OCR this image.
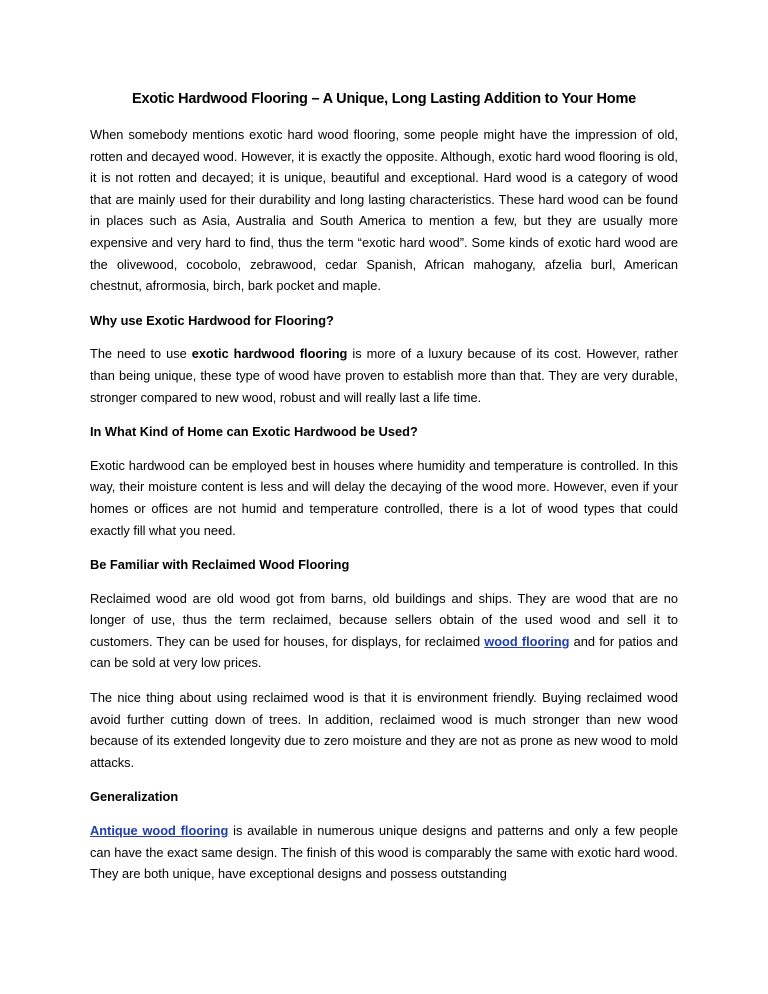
Exotic Hardwood Flooring – A Unique, Long Lasting Addition to Your Home

When somebody mentions exotic hard wood flooring, some people might have the impression of old, rotten and decayed wood. However, it is exactly the opposite. Although, exotic hard wood flooring is old, it is not rotten and decayed; it is unique, beautiful and exceptional. Hard wood is a category of wood that are mainly used for their durability and long lasting characteristics. These hard wood can be found in places such as Asia, Australia and South America to mention a few, but they are usually more expensive and very hard to find, thus the term “exotic hard wood”. Some kinds of exotic hard wood are the olivewood, cocobolo, zebrawood, cedar Spanish, African mahogany, afzelia burl, American chestnut, afrormosia, birch, bark pocket and maple.

Why use Exotic Hardwood for Flooring?

The need to use exotic hardwood flooring is more of a luxury because of its cost. However, rather than being unique, these type of wood have proven to establish more than that. They are very durable, stronger compared to new wood, robust and will really last a life time.

In What Kind of Home can Exotic Hardwood be Used?

Exotic hardwood can be employed best in houses where humidity and temperature is controlled. In this way, their moisture content is less and will delay the decaying of the wood more. However, even if your homes or offices are not humid and temperature controlled, there is a lot of wood types that could exactly fill what you need.

Be Familiar with Reclaimed Wood Flooring

Reclaimed wood are old wood got from barns, old buildings and ships. They are wood that are no longer of use, thus the term reclaimed, because sellers obtain of the used wood and sell it to customers. They can be used for houses, for displays, for reclaimed wood flooring and for patios and can be sold at very low prices.

The nice thing about using reclaimed wood is that it is environment friendly. Buying reclaimed wood avoid further cutting down of trees. In addition, reclaimed wood is much stronger than new wood because of its extended longevity due to zero moisture and they are not as prone as new wood to mold attacks.

Generalization

Antique wood flooring is available in numerous unique designs and patterns and only a few people can have the exact same design. The finish of this wood is comparably the same with exotic hard wood. They are both unique, have exceptional designs and possess outstanding
